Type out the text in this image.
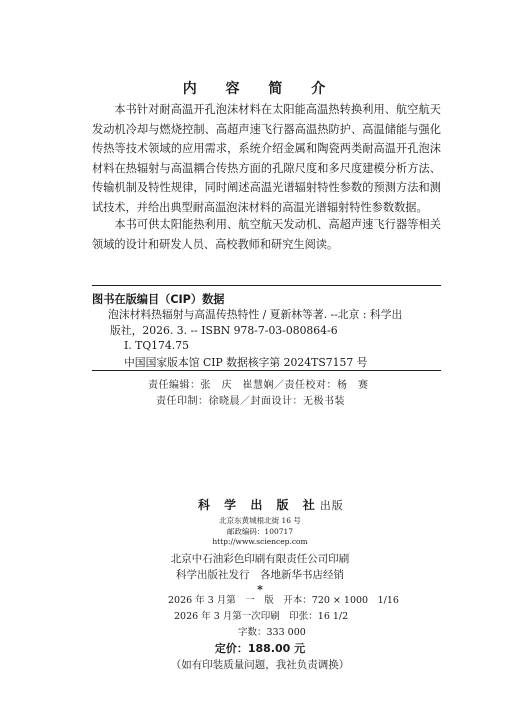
内 容 简 介

本书针对耐高温开孔泡沫材料在太阳能高温热转换利用、航空航天发动机冷却与燃烧控制、高超声速飞行器高温热防护、高温储能与强化传热等技术领域的应用需求，系统介绍金属和陶瓷两类耐高温开孔泡沫材料在热辐射与高温耦合传热方面的孔隙尺度和多尺度建模分析方法、传输机制及特性规律，同时阐述高温光谱辐射特性参数的预测方法和测试技术，并给出典型耐高温泡沫材料的高温光谱辐射特性参数数据。

本书可供太阳能热利用、航空航天发动机、高超声速飞行器等相关领域的设计和研发人员、高校教师和研究生阅读。

图书在版编目（CIP）数据
泡沫材料热辐射与高温传热特性 / 夏新林等著. --北京 : 科学出
版社，2026. 3. -- ISBN 978-7-03-080864-6
Ⅰ. TQ174.75
中国国家版本馆 CIP 数据核字第 2024TS7157 号
责任编辑：张　庆　崔慧娴／责任校对：杨　赛
责任印制：徐晓晨／封面设计：无极书装
科 学 出 版 社出版
北京东黄城根北街 16 号
邮政编码：100717
http://www.sciencep.com
北京中石油彩色印刷有限责任公司印刷
科学出版社发行　各地新华书店经销
*
2026 年 3 月第　一　版　开本：720 × 1000　1/16
2026 年 3 月第一次印刷　印张：16 1/2
字数：333 000
定价：188.00 元
（如有印装质量问题，我社负责调换）
